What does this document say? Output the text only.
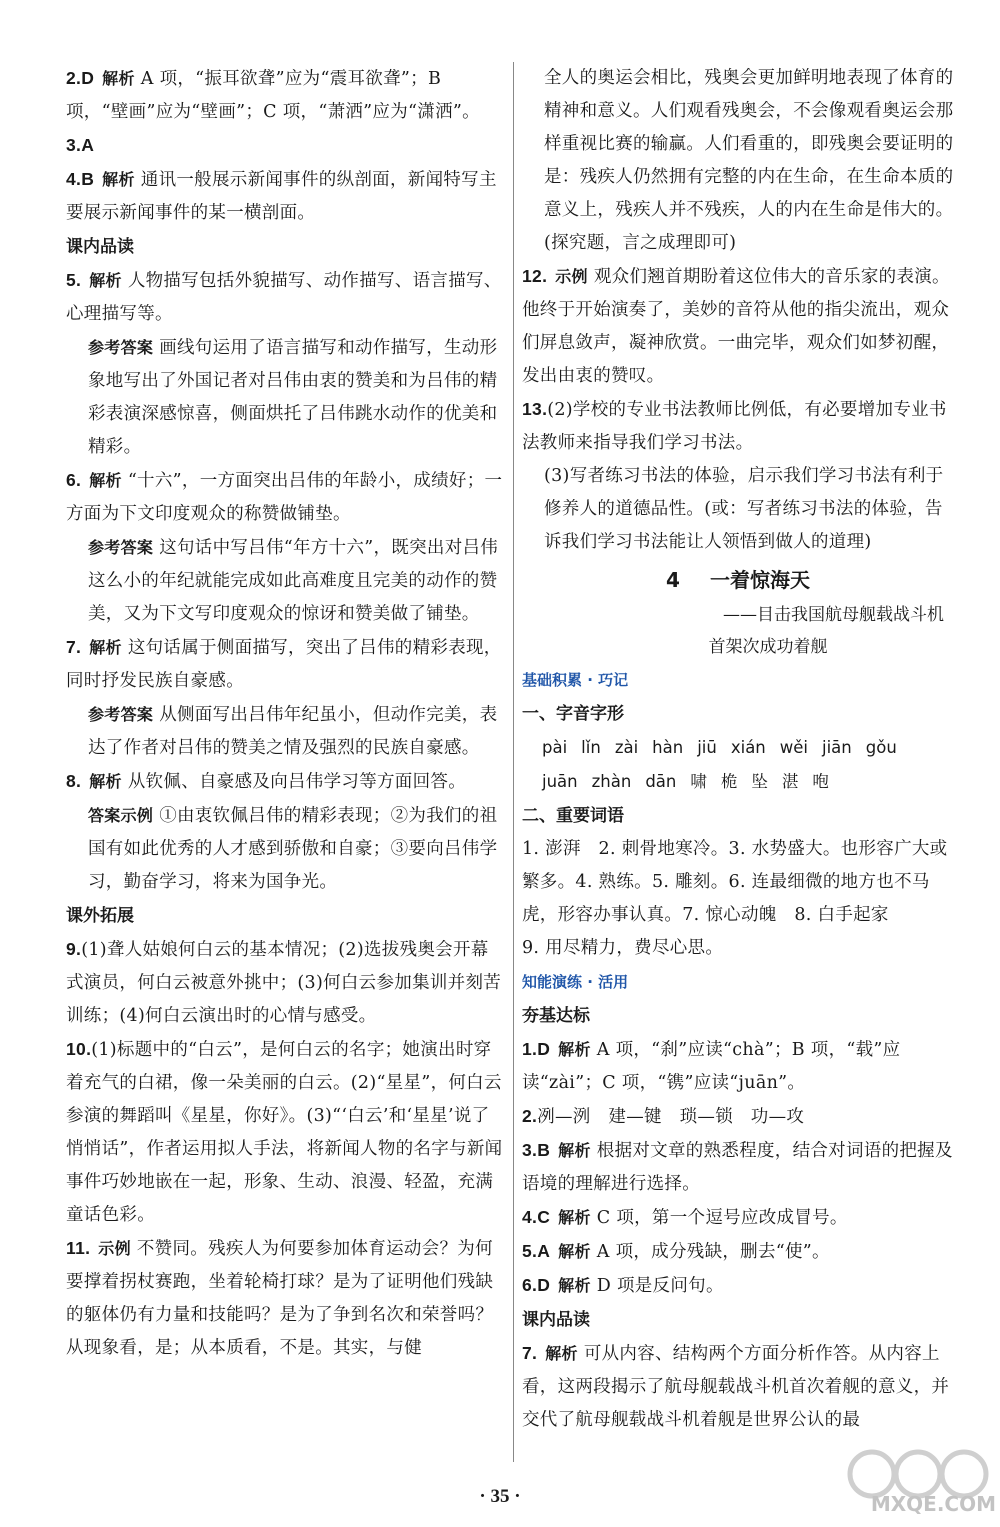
2.D 解析 A 项，“振耳欲聋”应为“震耳欲聋”；B 项，“壁画”应为“壁画”；C 项，“萧洒”应为“潇洒”。
3.A
4.B 解析 通讯一般展示新闻事件的纵剖面，新闻特写主要展示新闻事件的某一横剖面。
课内品读
5. 解析 人物描写包括外貌描写、动作描写、语言描写、心理描写等。
参考答案 画线句运用了语言描写和动作描写，生动形象地写出了外国记者对吕伟由衷的赞美和为吕伟的精彩表演深感惊喜，侧面烘托了吕伟跳水动作的优美和精彩。
6. 解析 “十六”，一方面突出吕伟的年龄小，成绩好；一方面为下文印度观众的称赞做铺垫。
参考答案 这句话中写吕伟“年方十六”，既突出对吕伟这么小的年纪就能完成如此高难度且完美的动作的赞美，又为下文写印度观众的惊讶和赞美做了铺垫。
7. 解析 这句话属于侧面描写，突出了吕伟的精彩表现，同时抒发民族自豪感。
参考答案 从侧面写出吕伟年纪虽小，但动作完美，表达了作者对吕伟的赞美之情及强烈的民族自豪感。
8. 解析 从钦佩、自豪感及向吕伟学习等方面回答。
答案示例 ①由衷钦佩吕伟的精彩表现；②为我们的祖国有如此优秀的人才感到骄傲和自豪；③要向吕伟学习，勤奋学习，将来为国争光。
课外拓展
9.(1)聋人姑娘何白云的基本情况；(2)选拔残奥会开幕式演员，何白云被意外挑中；(3)何白云参加集训并刻苦训练；(4)何白云演出时的心情与感受。
10.(1)标题中的“白云”，是何白云的名字；她演出时穿着充气的白裙，像一朵美丽的白云。(2)“星星”，何白云参演的舞蹈叫《星星，你好》。(3)“‘白云’和‘星星’说了悄悄话”，作者运用拟人手法，将新闻人物的名字与新闻事件巧妙地嵌在一起，形象、生动、浪漫、轻盈，充满童话色彩。
11. 示例 不赞同。残疾人为何要参加体育运动会？为何要撑着拐杖赛跑，坐着轮椅打球？是为了证明他们残缺的躯体仍有力量和技能吗？是为了争到名次和荣誉吗？从现象看，是；从本质看，不是。其实，与健
全人的奥运会相比，残奥会更加鲜明地表现了体育的精神和意义。人们观看残奥会，不会像观看奥运会那样重视比赛的输赢。人们看重的，即残奥会要证明的是：残疾人仍然拥有完整的内在生命，在生命本质的意义上，残疾人并不残疾，人的内在生命是伟大的。(探究题，言之成理即可)
12. 示例 观众们翘首期盼着这位伟大的音乐家的表演。他终于开始演奏了，美妙的音符从他的指尖流出，观众们屏息敛声，凝神欣赏。一曲完毕，观众们如梦初醒，发出由衷的赞叹。
13.(2)学校的专业书法教师比例低，有必要增加专业书法教师来指导我们学习书法。
(3)写者练习书法的体验，启示我们学习书法有利于修养人的道德品性。(或：写者练习书法的体验，告诉我们学习书法能让人领悟到做人的道理)
4 一着惊海天
——目击我国航母舰载战斗机
首架次成功着舰
基础积累 · 巧记
一、字音字形
pài lǐn zài hàn jiū xián wěi jiān gǒu
juān zhàn dān 啸 桅 坠 湛 咆
二、重要词语
1. 澎湃　2. 刺骨地寒冷。3. 水势盛大。也形容广大或繁多。4. 熟练。5. 雕刻。6. 连最细微的地方也不马虎，形容办事认真。7. 惊心动魄　8. 白手起家
9. 用尽精力，费尽心思。
知能演练 · 活用
夯基达标
1.D 解析 A 项，“刹”应读“chà”；B 项，“载”应读“zài”；C 项，“镌”应读“juān”。
2.冽—洌　建—键　琐—锁　功—攻
3.B 解析 根据对文章的熟悉程度，结合对词语的把握及语境的理解进行选择。
4.C 解析 C 项，第一个逗号应改成冒号。
5.A 解析 A 项，成分残缺，删去“使”。
6.D 解析 D 项是反问句。
课内品读
7. 解析 可从内容、结构两个方面分析作答。从内容上看，这两段揭示了航母舰载战斗机首次着舰的意义，并交代了航母舰载战斗机着舰是世界公认的最
· 35 ·	MXQE.COM
